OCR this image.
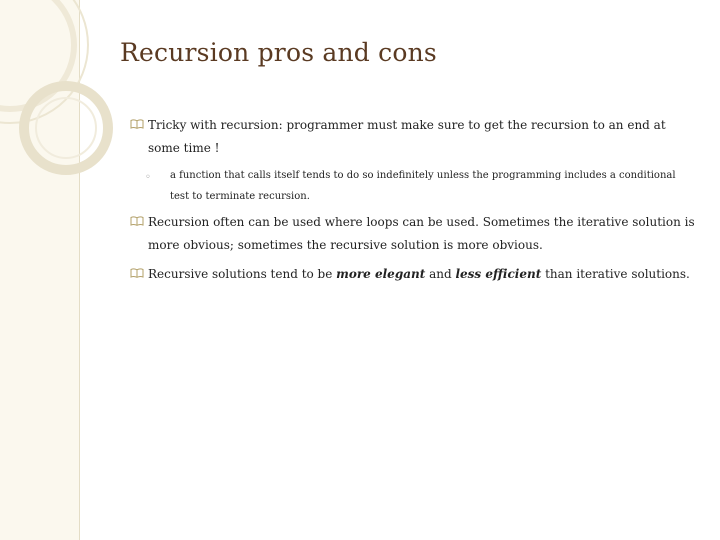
Recursion pros and cons
Tricky with recursion: programmer must make sure to get the recursion to an end at some time !
◦	a function that calls itself tends to do so indefinitely unless the programming includes a conditional test to terminate recursion.
Recursion often can be used where loops can be used. Sometimes the iterative solution is more obvious; sometimes the recursive solution is more obvious.
Recursive solutions tend to be more elegant and less efficient than iterative solutions.
